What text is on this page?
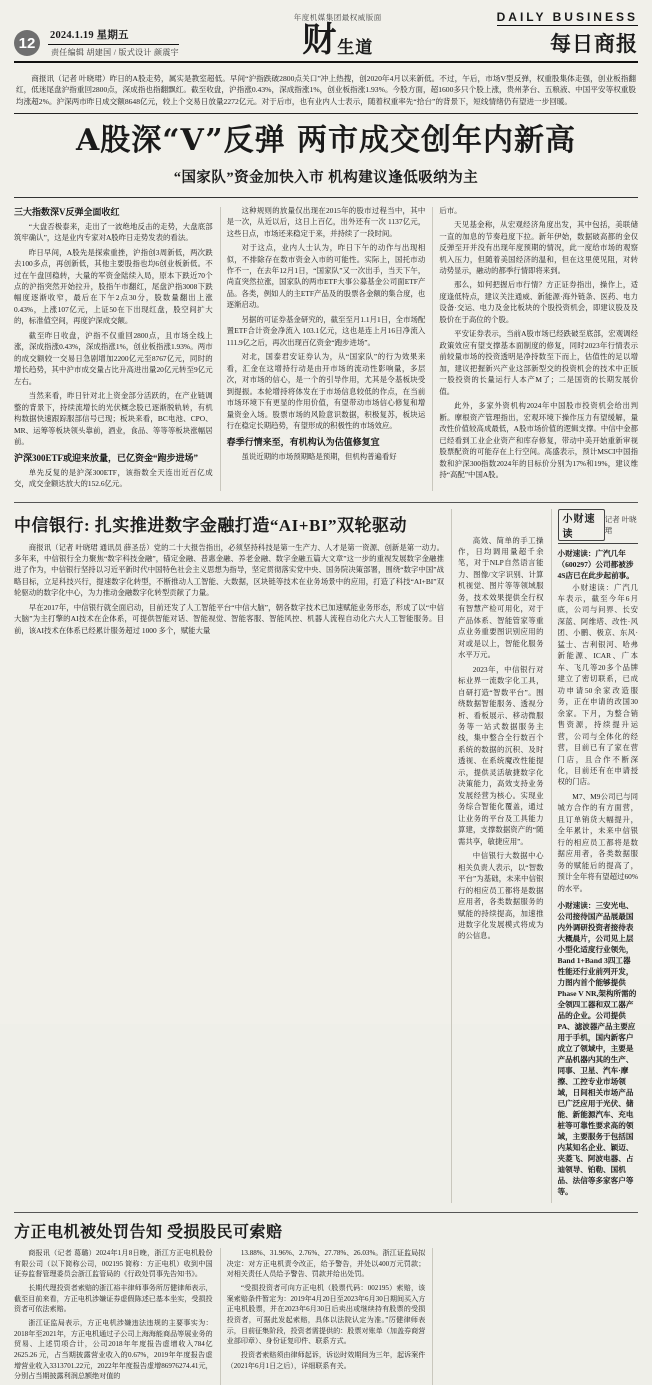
12	2024.1.19 星期五
责任编辑 胡建国 / 版式设计 颜震宇
年度机媒集团最权威版面
财生道
DAILY BUSINESS
每日商报
商报讯（记者 叶晓珺）昨日的A股走势，属实是教室超低。早间“沪指跌破2800点关口”冲上热搜，创2020年4月以来新低。不过，午后，市场V型反弹，权重股集体走强，创业板指翻红，低迷尾盘沪指重回2800点，深成指也指翻飘红。截至收盘，沪指涨0.43%，深成指涨1%，创业板指涨1.93%。今股方面，超1600多只个股上涨，贵州茅台、五粮液、中国平安等权重股均涨超2%。沪深两市昨日成交额8648亿元，较上个交易日放量2272亿元。对于后市，也有业内人士表示，随着权重率先“拾台”的背景下，短线情绪仍有望进一步回暖。
A股深“V”反弹 两市成交创年内新高
“国家队”资金加快入市 机构建议逢低吸纳为主
三大指数深V反弹全面收红

“大盘否极泰来，走出了一波绝地反击的走势，大盘底部筑牢确认”，这是业内专家对A股昨日走势发表的看法。

昨日早间，A股先是探索重挫，沪指创3周新低，两次跌去100多点，再创新低，其他主要股指也均6创业板新低。不过在午盘回稳转，大量的军资金陆续入局，原本下跌近70个点的沪指突然开始拉升，股指午市翻红，尾盘沪指3008下跌幅度逐渐收窄，最后在下午2点30分，股数量翻出上涨 0.43%，上涨107亿元，上证50在下出现红盘，股空间扩大的，标准值空间，再度沪深成交额。

截至昨日收盘，沪指不仅重回2800点，且市场全线上涨，深成指涨0.43%，深成指涨1%，创业板指涨1.93%。两市的成交额较一交易日急剧增加2200亿元至8767亿元，同时的增长趋势，其中沪市成交量占比升高进出量20亿元转至9亿元左右。

当然来看，昨日针对北上资金部分活跃的，在产业链调整的背景下，持续流增长的光伏概念股已逐渐脱轨转，有机构数据快速跟踪服部信号已现；板块来看，BC电池、CPO、MR、运筹等板块领头靠前，酒业，食品、等等等板块涨幅居前。

沪深300ETF或迎来放量，已亿资金“跑步进场”

单先反复的是沪深300ETF，该指数全天连出近百亿成交，成交金额达放大的152.6亿元。

这种规则的放量仅出现在2015年的股市过程当中，其中是一次，从近以后，这日上百亿，出外还有一次 1137亿元，这些日点，市场还来稳定于来，并持续了一段时间。

对于这点，业内人士认为，昨日下午的动作与出现相似，不排除存在数市资金入市的可能性。实际上，国托市动作不一，在去年12月1日，“国家队”又一次出手，当天下午，尚直突然拉涨，国家队的两市ETF大事公募基金公司面ETF产品。各类，例如人的主ETF产品及的股票各金额的集合度，也逐渐启动。

另据的可证券基金研究的，截至至月1.1月1日，全市场配置ETF合计资金净流入 103.1亿元，这也是连上月16日净流入 111.9亿之后，再次出现百亿资金“跑步进场”。

对北，国泰君安证券认为，从“国家队”的行为效果来看，汇金在这增持行动是由开市场的流动性影响量，多层次，对市场的信心，是一个的引导作用，尤其是令基板块受到提振。本轮增持将体发在于市场信息较低的作点，在当前市场环境下有更显的作用价值，有望带动市场信心修复和增量资金入场。股票市场的风险意识数据，积极复苏，板块运行在稳定长期趋势，有望形成的积极性的市场效应。

春季行情来至，有机构认为估值修复宜

虽说近期的市场预期略是预期，但机构普遍看好

后市。

天见基金称，从宏观经济角度出发，其中包括，美联储一直的加息的节奏趋度下拉。新年伊始，数据破高都的金仅反弹至开并没有出现年度预期的情况，此一度给市场的观察机入压力，但随着美国经济的温和，但在这里使见阻，对转动势显示，融动的都季行情即将来到。

那么，如何把握后市行情？方正证券指出，操作上，适度逢低特点，建议关注通威、新能源·海外链条、医药、电力设备·交运、电力及金比板块的个股投资机会，即建议股及及股价在于高位的个股。

平安证券表示，当前A股市场已经跌破至底部，宏观调经政策效应有望支撑基本面制度的修复，同时2023年行情表示前较量市场的投资透明是净持数至下而上，估值性的足以增加，建议把握新兴产业这部新型交的投资机会的技术中正版一股投资的长量运行人本产M了；二是国资的长期发展价值。

此外，多家外资机构2024年中国股市投资机会给出判断。摩根资产管理指出，宏观环境下操作压力有望缓解，量改性价值较高成最低，A股市场价值的逻辑支撑。中信中金都已经看到工业企业资产和库存修复，带动中美开始重新审视股票配资的可能存在上行空间。高盛表示，预计MSCI中国指数和沪深300指数2024年的目标价分别为17%和19%，建议维持“高配”中国A股。

中信银行: 扎实推进数字金融打造“AI+BI”双轮驱动

商报讯（记者 叶晓珺 通讯员 薛圣岳）党的二十大报告指出，必须坚持科技是第一生产力、人才是第一资源、创新是第一动力。多年来，中信银行全力聚焦“数字科技金融”，锚定金融、普惠金融、养老金融、数字金融五篇大文章”这一步的重视发展数字金融推进了作为，中信银行坚持以习近平新时代中国特色社会主义思想为指导，坚定贯彻落实党中央、国务院决策部署，围绕“数字中国”战略目标，立足科技兴行，提速数字化转型，不断推动人工智能、大数据，区块链等技术在业务场景中的应用，打造了科技“AI+BI”双轮驱动的数字化中心，为力推动金融数字化转型贡献了力量。

早在2017年，中信银行就全面启动，目前还发了人工智能平台“中信大脑”，朝各数字技术已加速赋能业务形态，形成了以“中信大脑”为主打擎的AI技术在企体系，可提供智能对话、智能视觉、智能客服、智能风控、机器人流程自动化六大人工智能服务。目前，该AI技术在体系已经累计服务超过 1000 多个，赋能大量

高效、简单的手工操作，日均调用量超千余笔，对于NLP自然语言能力、图像/文字识别、计算机视觉、图片等等领域服务，技术效果提供全行权有智慧产检可用化，对于产品体系、智能管家等重点业务重要图识别应用的对或是以上，智能化服务水平万元。

2023年，中信银行对标业界一流数字化工具，自研打造“智数平台”。围绕数据智能服务、透视分析、看板展示、移动微服务等一站式数据服务主线，集中整合全行数百个系统的数据的沉积、及时透视、在系统魔改性能提示，提供灵活敏捷数字化决策能力，高效支持业务发展经营为核心。实现业务综合智能化覆盖，通过让业务的平台及工具能力算建，支撑数据资产的“随需共享，敏捷应用”。

中信银行大数据中心相关负责人表示，以“智数平台”为基础，未来中信银行的相应员工都将是数据应用者，各类数据服务的赋能的持续提高，加速推进数字化发展模式将成为的公信息。

小财速读
记者 叶晓珺
小财速读：广汽几年（600297）公司都被涉4S店已在此步起前事。

小财速读：广汽几车表示，截至今年6月底，公司与问界、长安深蓝、阿维塔、改性·风团、小鹏、极京、东风·猛士、吉利银河、哈弗新能源、ICAR、广本车、飞几等20多个品牌建立了密切联系，已成功申请50余家改造服务，正在申请的改国30余家。下月，为整合销售资源，持续提升运营，公司与全体化的经营，目前已有了家在营门店，且合作不断深化，目前还有在申请授权的门店。

M7、M9公司已与同城方合作的有方面营，且订单销货大幅提升，全年累计，未来中信银行的相应员工都将是数据应用者，各类数据服务的赋能后的提高了，预计全年将有望超过60%的水平。

小财速读：三安光电、公司接待国产品展最国内外调研投资者接待表大概晨片，公司见上层小型化适度行业领先，Band 1+Band 3四工器性能还行业前列开发，力图内首个能够提供Phase V NR,架构所需的全领四工器和双工器产品的企业。公司提供PA、滤波器产品主要应用于手机，国内新客户成立了领域中，主要是产品机器内其的生产、同事、卫星、汽车·摩擦、工控专业市场领域，日间相关市场产品已广泛应用于光伏、储能、新能源汽车、充电桩等可靠性要求高的领域，主要服务于包括国内某知名企业、颖迈、夹菱飞、阿波电器、占迪领导、铂勒、国机品、法信等多家客户等等。

方正电机被处罚告知 受损股民可索赔

商报讯（记者 葛璐）2024年1月8日晚，浙江方正电机股份有限公司（以下简称公司，002195 简称：方正电机）收到中国证券监督管理委员会浙江监管局的《行政处罚事先告知书》。

长期代理投资者索赔的浙江裕丰律师事务所厉健律师表示，截至目前来看，方正电机涉嫌证券虚假陈述已基本坐实，受损投资者可依法索赔。

浙江证监局表示，方正电机涉嫌违法违规的主要事实为：2018年至2021年，方正电机通过子公司上海海能商品等展业务的贸易、上述罚项合计，公司2018年年度报告虚增收入784亿2625.26 元，占当期披露营业收入的0.67%，2019年年度报告虚增营业收入3313701.22元，2022年年度报告虚增86976274.41元，分别占当期披露利润总额绝对值的

13.88%、31.96%、2.76%、27.78%、26.03%。浙江证监局拟决定：对方正电机责令改正，给予警告，并处以400万元罚款；对相关责任人员给予警告、罚款并给出处罚。

“受损投资者可向方正电机（股票代码：002195）索赔，该案索赔条件暂定为：2019年4月20日至2023年6月30日期间买入方正电机股票，并在2023年6月30日后卖出或继续持有股票的受损投资者，可据此发起索赔，具体以法院认定为准。”厉健律师表示，目前征集阶段，投资者需提供的：股票对账单（加盖券商营业部印章）、身份证复印件、联系方式。

投资者索赔须由律师起诉，诉讼时效期间为三年，起诉案件（2021年6月1日之后），详细联系有关。
